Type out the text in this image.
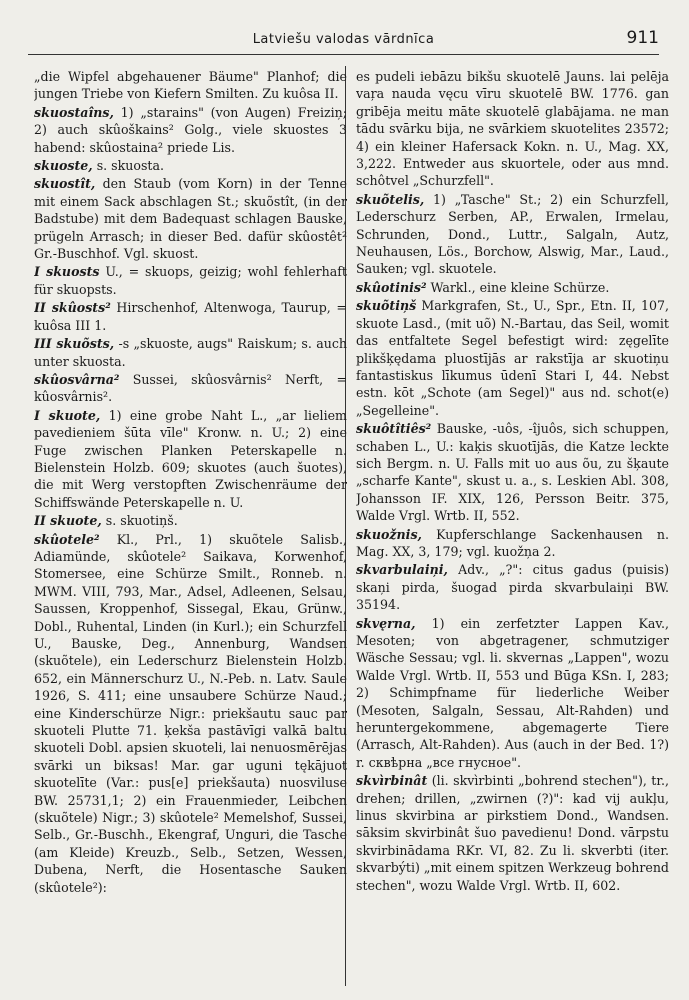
Latviešu valodas vārdnīca	911

„die Wipfel abgehauener Bäume" Planhof; die jungen Triebe von Kiefern Smilten. Zu kuôsa II.

skuostaîns, 1) „starains" (von Augen) Freiziņ; 2) auch skûoškains² Golg., viele skuostes 3 habend: skûostaina² priede Lis.

skuoste, s. skuosta.

skuostît, den Staub (vom Korn) in der Tenne mit einem Sack abschlagen St.; skuõstît, (in der Badstube) mit dem Badequast schlagen Bauske, prügeln Arrasch; in dieser Bed. dafür skûostêt² Gr.-Buschhof. Vgl. skuost.

I skuosts U., = skuops, geizig; wohl fehlerhaft für skuopsts.

II skûosts² Hirschenhof, Altenwoga, Taurup, = kuôsa III 1.

III skuõsts, -s „skuoste, augs" Raiskum; s. auch unter skuosta.

skûosvârna² Sussei, skûosvârnis² Nerft, = kûosvârnis².

I skuote, 1) eine grobe Naht L., „ar lieliem pavedieniem šūta vīle" Kronw. n. U.; 2) eine Fuge zwischen Planken Peterskapelle n. Bielenstein Holzb. 609; skuotes (auch šuotes), die mit Werg verstopften Zwischenräume der Schiffswände Peterskapelle n. U.

II skuote, s. skuotiņš.

skûotele² Kl., Prl., 1) skuõtele Salisb., Adiamünde, skûotele² Saikava, Korwenhof, Stomersee, eine Schürze Smilt., Ronneb. n. MWM. VIII, 793, Mar., Adsel, Adleenen, Selsau, Saussen, Kroppenhof, Sissegal, Ekau, Grünw., Dobl., Ruhental, Linden (in Kurl.); ein Schurzfell U., Bauske, Deg., Annenburg, Wandsen (skuõtele), ein Lederschurz Bielenstein Holzb. 652, ein Männerschurz U., N.-Peb. n. Latv. Saule 1926, S. 411; eine unsaubere Schürze Naud.; eine Kinderschürze Nigr.: priekšautu sauc par skuoteli Plutte 71. ķekša pastāvīgi valkā baltu skuoteli Dobl. apsien skuoteli, lai nenuosmērējas svārki un biksas! Mar. gar uguni tękājuot skuotelīte (Var.: pus[e] priekšauta) nuosviluse BW. 25731,1; 2) ein Frauenmieder, Leibchen (skuõtele) Nigr.; 3) skûotele² Memelshof, Sussei, Selb., Gr.-Buschh., Ekengraf, Unguri, die Tasche (am Kleide) Kreuzb., Selb., Setzen, Wessen, Dubena, Nerft, die Hosentasche Sauken (skûotele²):

es pudeli iebāzu bikšu skuotelē Jauns. lai pelēja vaŗa nauda vęcu vīru skuotelē BW. 1776. gan gribēja meitu māte skuotelē glabājama. ne man tādu svārku bija, ne svārkiem skuotelites 23572; 4) ein kleiner Hafersack Kokn. n. U., Mag. XX, 3,222. Entweder aus skuortele, oder aus mnd. schôtvel „Schurzfell".

skuõtelis, 1) „Tasche" St.; 2) ein Schurzfell, Lederschurz Serben, AP., Erwalen, Irmelau, Schrunden, Dond., Luttr., Salgaln, Autz, Neuhausen, Lös., Borchow, Alswig, Mar., Laud., Sauken; vgl. skuotele.

skûotinis² Warkl., eine kleine Schürze.

skuõtiņš Markgrafen, St., U., Spr., Etn. II, 107, skuote Lasd., (mit uõ) N.-Bartau, das Seil, womit das entfaltete Segel befestigt wird: zęgelīte plikšķędama pluostījās ar rakstīja ar skuotiņu fantastiskus līkumus ūdenī Stari I, 44. Nebst estn. kōt „Schote (am Segel)" aus nd. schot(e) „Segelleine".

skuôtîtiês² Bauske, -uôs, -îjuôs, sich schuppen, schaben L., U.: kaķis skuotījās, die Katze leckte sich Bergm. n. U. Falls mit uo aus õu, zu šķaute „scharfe Kante", skust u. a., s. Leskien Abl. 308, Johansson IF. XIX, 126, Persson Beitr. 375, Walde Vrgl. Wrtb. II, 552.

skuožnis, Kupferschlange Sackenhausen n. Mag. XX, 3, 179; vgl. kuožņa 2.

skvarbulaiņi, Adv., „?": citus gadus (puisis) skaņi pirda, šuogad pirda skvarbulaiņi BW. 35194.

skvęrna, 1) ein zerfetzter Lappen Kav., Mesoten; von abgetragener, schmutziger Wäsche Sessau; vgl. li. skvernas „Lappen", wozu Walde Vrgl. Wrtb. II, 553 und Būga KSn. I, 283; 2) Schimpfname für liederliche Weiber (Mesoten, Salgaln, Sessau, Alt-Rahden) und heruntergekommene, abgemagerte Tiere (Arrasch, Alt-Rahden). Aus (auch in der Bed. 1?) r. сквѣрна „все гнусное".

skvìrbinât (li. skvìrbinti „bohrend stechen"), tr., drehen; drillen, „zwirnen (?)": kad vij aukļu, linus skvirbina ar pirkstiem Dond., Wandsen. sāksim skvirbinât šuo pavedienu! Dond. vārpstu skvirbinādama RKr. VI, 82. Zu li. skverbti (iter. skvarbýti) „mit einem spitzen Werkzeug bohrend stechen", wozu Walde Vrgl. Wrtb. II, 602.
